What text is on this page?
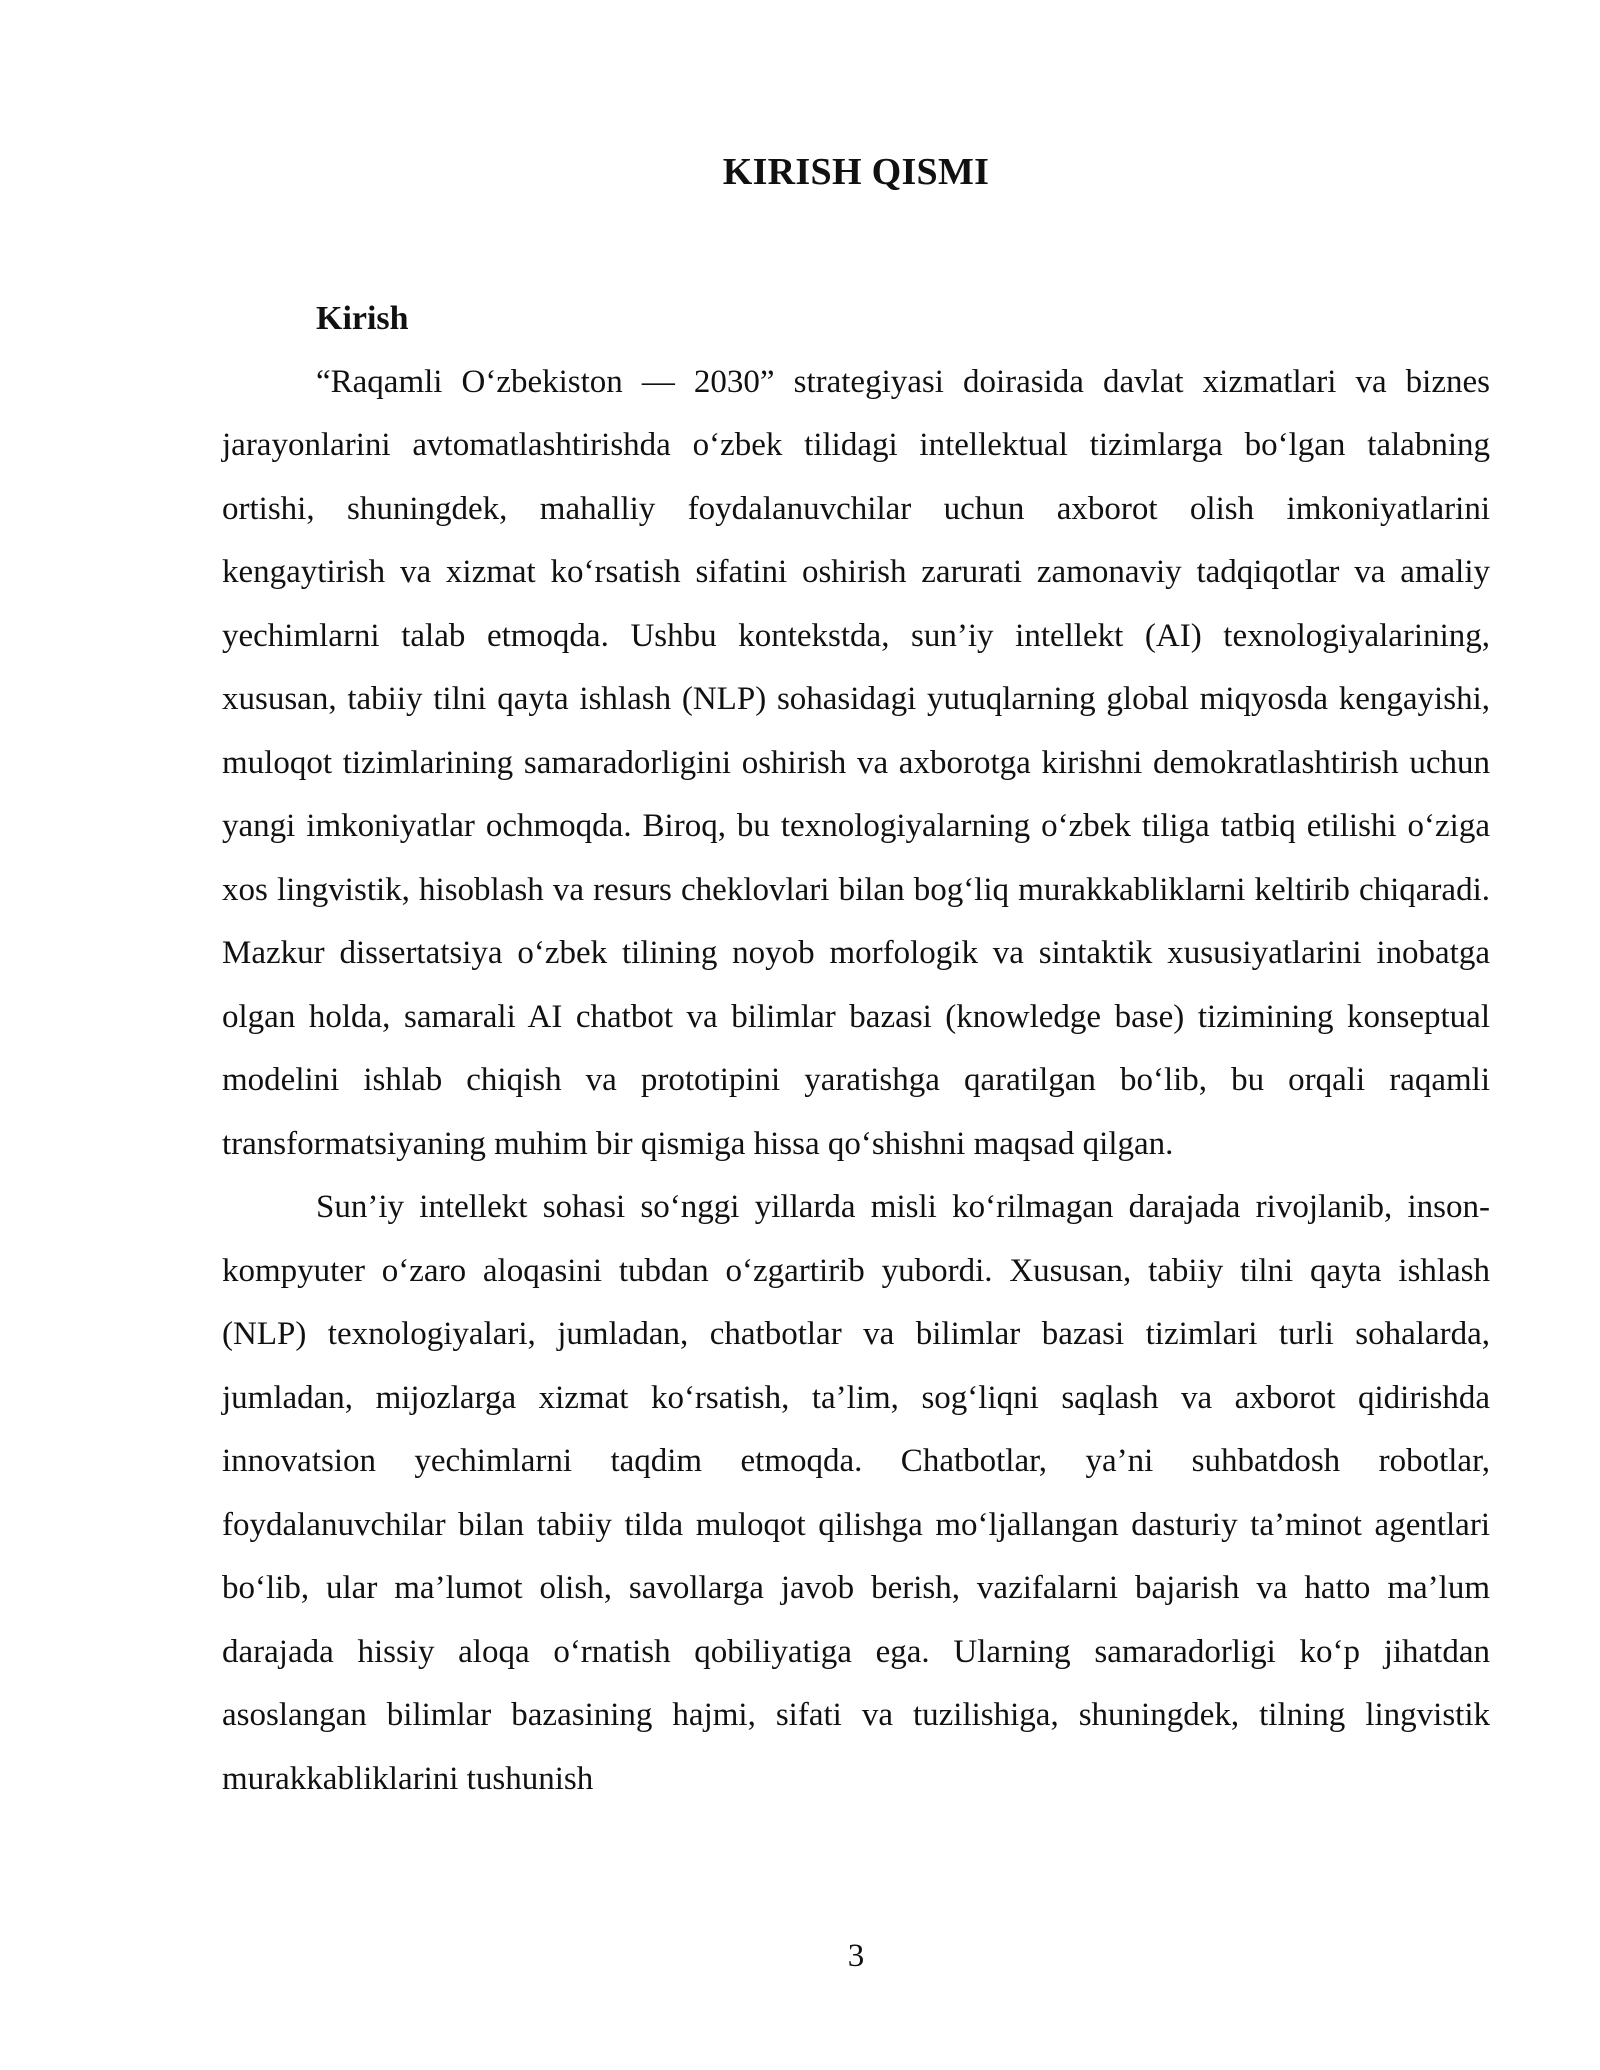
KIRISH QISMI

Kirish

“Raqamli O‘zbekiston — 2030” strategiyasi doirasida davlat xizmatlari va biznes jarayonlarini avtomatlashtirishda o‘zbek tilidagi intellektual tizimlarga bo‘lgan talabning ortishi, shuningdek, mahalliy foydalanuvchilar uchun axborot olish imkoniyatlarini kengaytirish va xizmat ko‘rsatish sifatini oshirish zarurati zamonaviy tadqiqotlar va amaliy yechimlarni talab etmoqda. Ushbu kontekstda, sun’iy intellekt (AI) texnologiyalarining, xususan, tabiiy tilni qayta ishlash (NLP) sohasidagi yutuqlarning global miqyosda kengayishi, muloqot tizimlarining samaradorligini oshirish va axborotga kirishni demokratlashtirish uchun yangi imkoniyatlar ochmoqda. Biroq, bu texnologiyalarning o‘zbek tiliga tatbiq etilishi o‘ziga xos lingvistik, hisoblash va resurs cheklovlari bilan bog‘liq murakkabliklarni keltirib chiqaradi. Mazkur dissertatsiya o‘zbek tilining noyob morfologik va sintaktik xususiyatlarini inobatga olgan holda, samarali AI chatbot va bilimlar bazasi (knowledge base) tizimining konseptual modelini ishlab chiqish va prototipini yaratishga qaratilgan bo‘lib, bu orqali raqamli transformatsiyaning muhim bir qismiga hissa qo‘shishni maqsad qilgan.

Sun’iy intellekt sohasi so‘nggi yillarda misli ko‘rilmagan darajada rivojlanib, inson-kompyuter o‘zaro aloqasini tubdan o‘zgartirib yubordi. Xususan, tabiiy tilni qayta ishlash (NLP) texnologiyalari, jumladan, chatbotlar va bilimlar bazasi tizimlari turli sohalarda, jumladan, mijozlarga xizmat ko‘rsatish, ta’lim, sog‘liqni saqlash va axborot qidirishda innovatsion yechimlarni taqdim etmoqda. Chatbotlar, ya’ni suhbatdosh robotlar, foydalanuvchilar bilan tabiiy tilda muloqot qilishga mo‘ljallangan dasturiy ta’minot agentlari bo‘lib, ular ma’lumot olish, savollarga javob berish, vazifalarni bajarish va hatto ma’lum darajada hissiy aloqa o‘rnatish qobiliyatiga ega. Ularning samaradorligi ko‘p jihatdan asoslangan bilimlar bazasining hajmi, sifati va tuzilishiga, shuningdek, tilning lingvistik murakkabliklarini tushunish

3
